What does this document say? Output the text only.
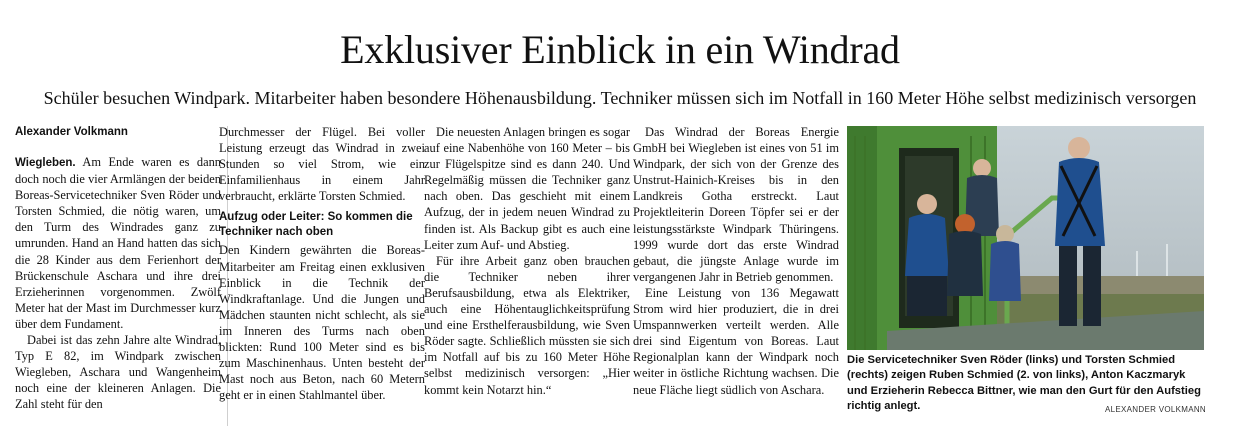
Exklusiver Einblick in ein Windrad
Schüler besuchen Windpark. Mitarbeiter haben besondere Höhenausbildung. Techniker müssen sich im Notfall in 160 Meter Höhe selbst medizinisch versorgen
Alexander Volkmann

Wiegleben. Am Ende waren es dann doch noch die vier Armlängen der beiden Boreas-Servicetechniker Sven Röder und Torsten Schmied, die nötig waren, um den Turm des Windrades ganz zu umrunden. Hand an Hand hatten das sich die 28 Kinder aus dem Ferienhort der Brückenschule Aschara und ihre drei Erzieherinnen vorgenommen. Zwölf Meter hat der Mast im Durchmesser kurz über dem Fundament.

Dabei ist das zehn Jahre alte Windrad, Typ E 82, im Windpark zwischen Wiegleben, Aschara und Wangenheim noch eine der kleineren Anlagen. Die Zahl steht für den

Durchmesser der Flügel. Bei voller Leistung erzeugt das Windrad in zwei Stunden so viel Strom, wie ein Einfamilienhaus in einem Jahr verbraucht, erklärte Torsten Schmied.

Aufzug oder Leiter: So kommen die Techniker nach oben

Den Kindern gewährten die Boreas-Mitarbeiter am Freitag einen exklusiven Einblick in die Technik der Windkraftanlage. Und die Jungen und Mädchen staunten nicht schlecht, als sie im Inneren des Turms nach oben blickten: Rund 100 Meter sind es bis zum Maschinenhaus. Unten besteht der Mast noch aus Beton, nach 60 Metern geht er in einen Stahlmantel über.

Die neuesten Anlagen bringen es sogar auf eine Nabenhöhe von 160 Meter – bis zur Flügelspitze sind es dann 240. Und Regelmäßig müssen die Techniker ganz nach oben. Das geschieht mit einem Aufzug, der in jedem neuen Windrad zu finden ist. Als Backup gibt es auch eine Leiter zum Auf- und Abstieg.

Für ihre Arbeit ganz oben brauchen die Techniker neben ihrer Berufsausbildung, etwa als Elektriker, auch eine Höhentauglichkeitsprüfung und eine Ersthelferausbildung, wie Sven Röder sagte. Schließlich müssten sie sich im Notfall auf bis zu 160 Meter Höhe selbst medizinisch versorgen: „Hier kommt kein Notarzt hin.“

Das Windrad der Boreas Energie GmbH bei Wiegleben ist eines von 51 im Windpark, der sich von der Grenze des Unstrut-Hainich-Kreises bis in den Landkreis Gotha erstreckt. Laut Projektleiterin Doreen Töpfer sei er der leistungsstärkste Windpark Thüringens. 1999 wurde dort das erste Windrad gebaut, die jüngste Anlage wurde im vergangenen Jahr in Betrieb genommen.

Eine Leistung von 136 Megawatt Strom wird hier produziert, die in drei Umspannwerken verteilt werden. Alle drei sind Eigentum von Boreas. Laut Regionalplan kann der Windpark noch weiter in östliche Richtung wachsen. Die neue Fläche liegt südlich von Aschara.

Die Servicetechniker Sven Röder (links) und Torsten Schmied (rechts) zeigen Ruben Schmied (2. von links), Anton Kaczmaryk und Erzieherin Rebecca Bittner, wie man den Gurt für den Aufstieg richtig anlegt.	ALEXANDER VOLKMANN
